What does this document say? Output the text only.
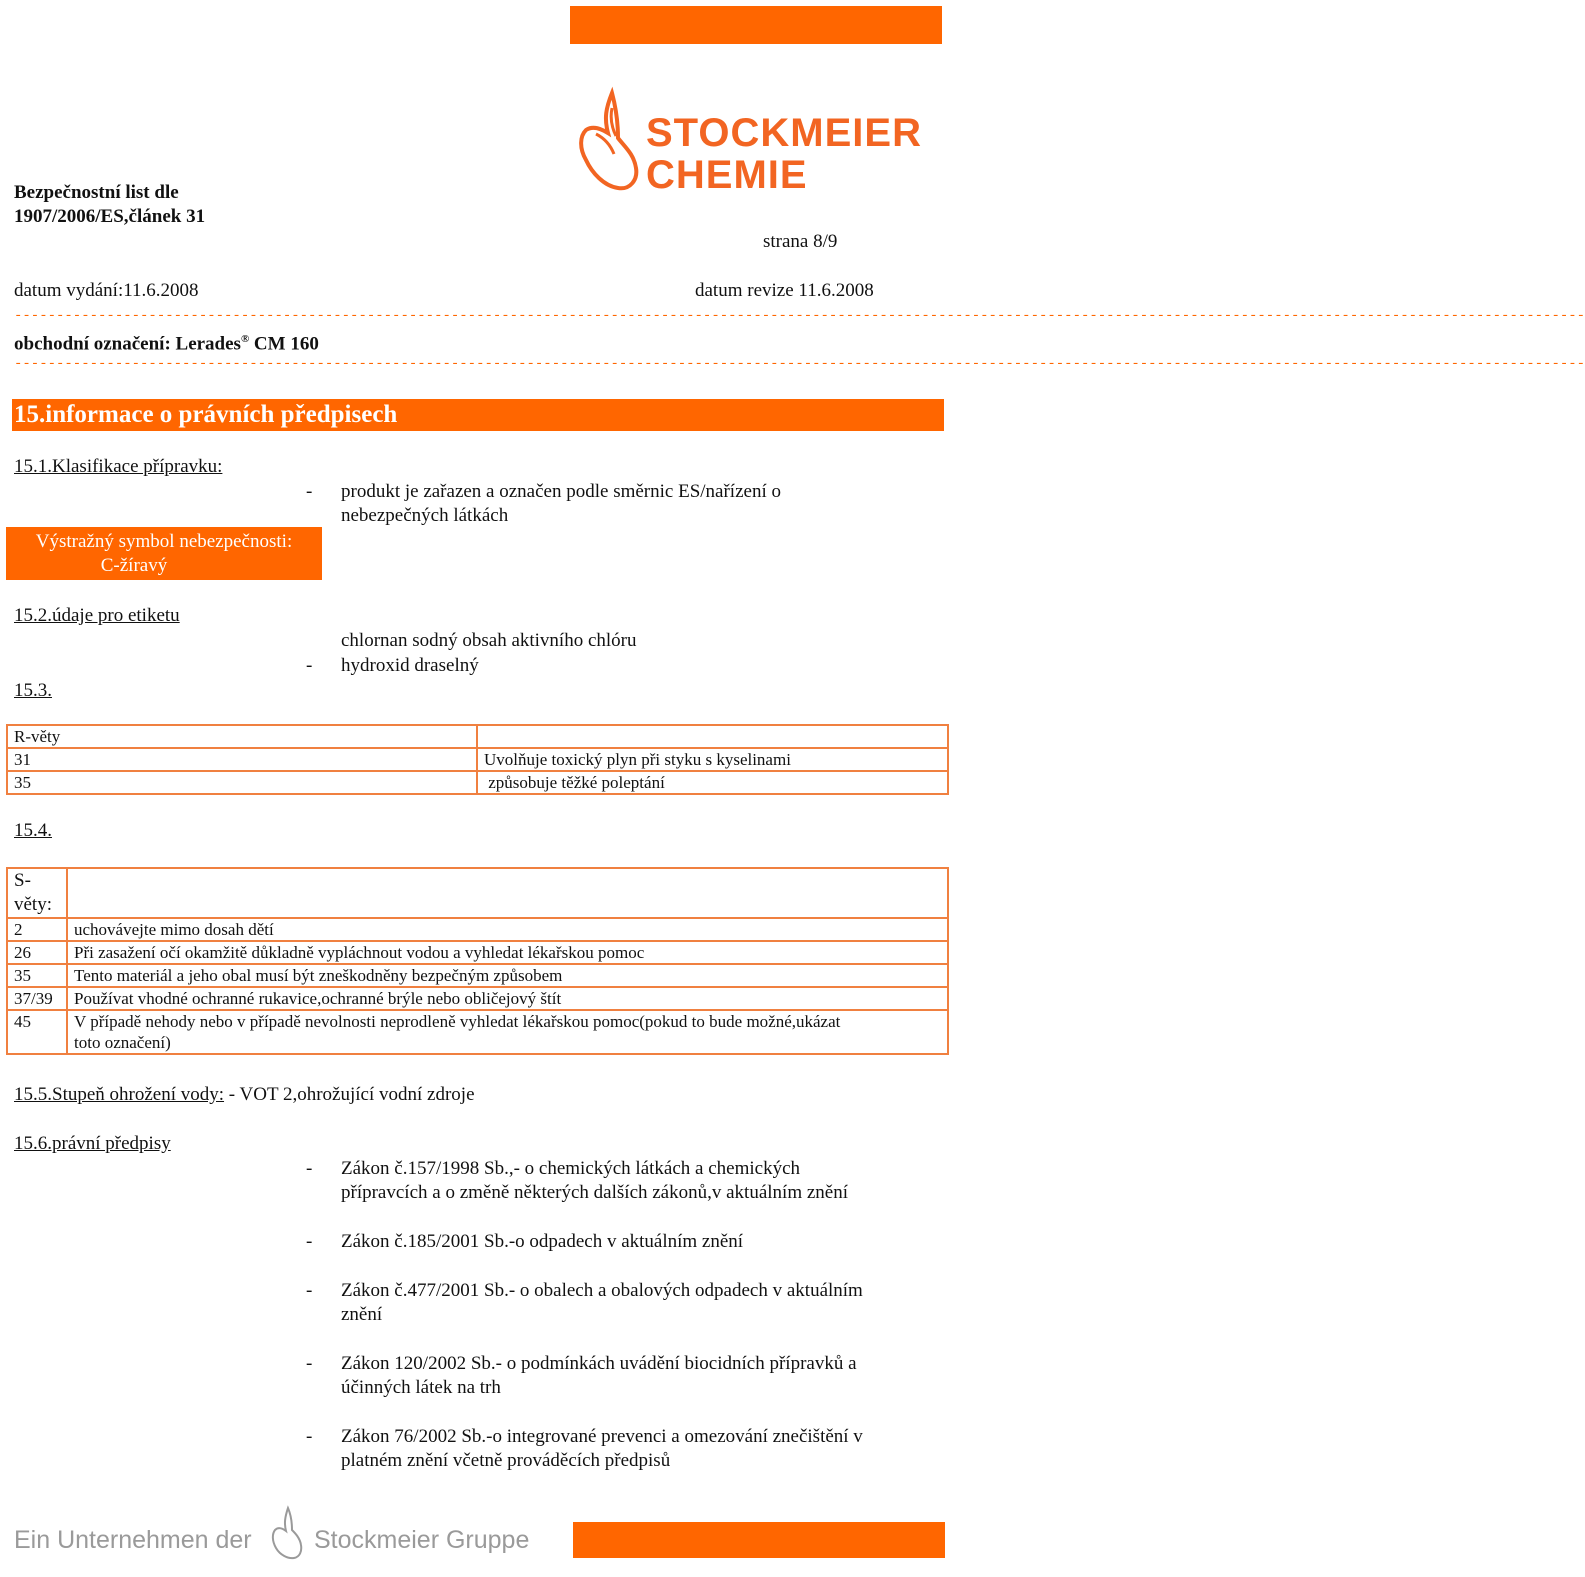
STOCKMEIER
CHEMIE
Bezpečnostní list dle
1907/2006/ES,článek 31
strana 8/9
datum vydání:11.6.2008	datum revize 11.6.2008
-------------------------------------------------------------------------------------------------------------------------------------------------------------------------------------------
obchodní označení: Lerades® CM 160
-------------------------------------------------------------------------------------------------------------------------------------------------------------------------------------------
15.informace o právních předpisech
15.1.Klasifikace přípravku:
- produkt je zařazen a označen podle směrnic ES/nařízení o
nebezpečných látkách
Výstražný symbol nebezpečnosti:
C-žíravý
15.2.údaje pro etiketu
chlornan sodný obsah aktivního chlóru
- hydroxid draselný
15.3.
R-věty	
31	Uvolňuje toxický plyn při styku s kyselinami
35	způsobuje těžké poleptání
15.4.
S-
věty:	

2	uchovávejte mimo dosah dětí
26	Při zasažení očí okamžitě důkladně vypláchnout vodou a vyhledat lékařskou pomoc
35	Tento materiál a jeho obal musí být zneškodněny bezpečným způsobem
37/39	Používat vhodné ochranné rukavice,ochranné brýle nebo obličejový štít
45	V případě nehody nebo v případě nevolnosti neprodleně vyhledat lékařskou pomoc(pokud to bude možné,ukázat toto označení)
15.5.Stupeň ohrožení vody: - VOT 2,ohrožující vodní zdroje
15.6.právní předpisy
- Zákon č.157/1998 Sb.,- o chemických látkách a chemických
přípravcích a o změně některých dalších zákonů,v aktuálním znění
- Zákon č.185/2001 Sb.-o odpadech v aktuálním znění
- Zákon č.477/2001 Sb.- o obalech a obalových odpadech v aktuálním
znění
- Zákon 120/2002 Sb.- o podmínkách uvádění biocidních přípravků a
účinných látek na trh
- Zákon 76/2002 Sb.-o integrované prevenci a omezování znečištění v
platném znění včetně prováděcích předpisů
Ein Unternehmen der Stockmeier Gruppe
